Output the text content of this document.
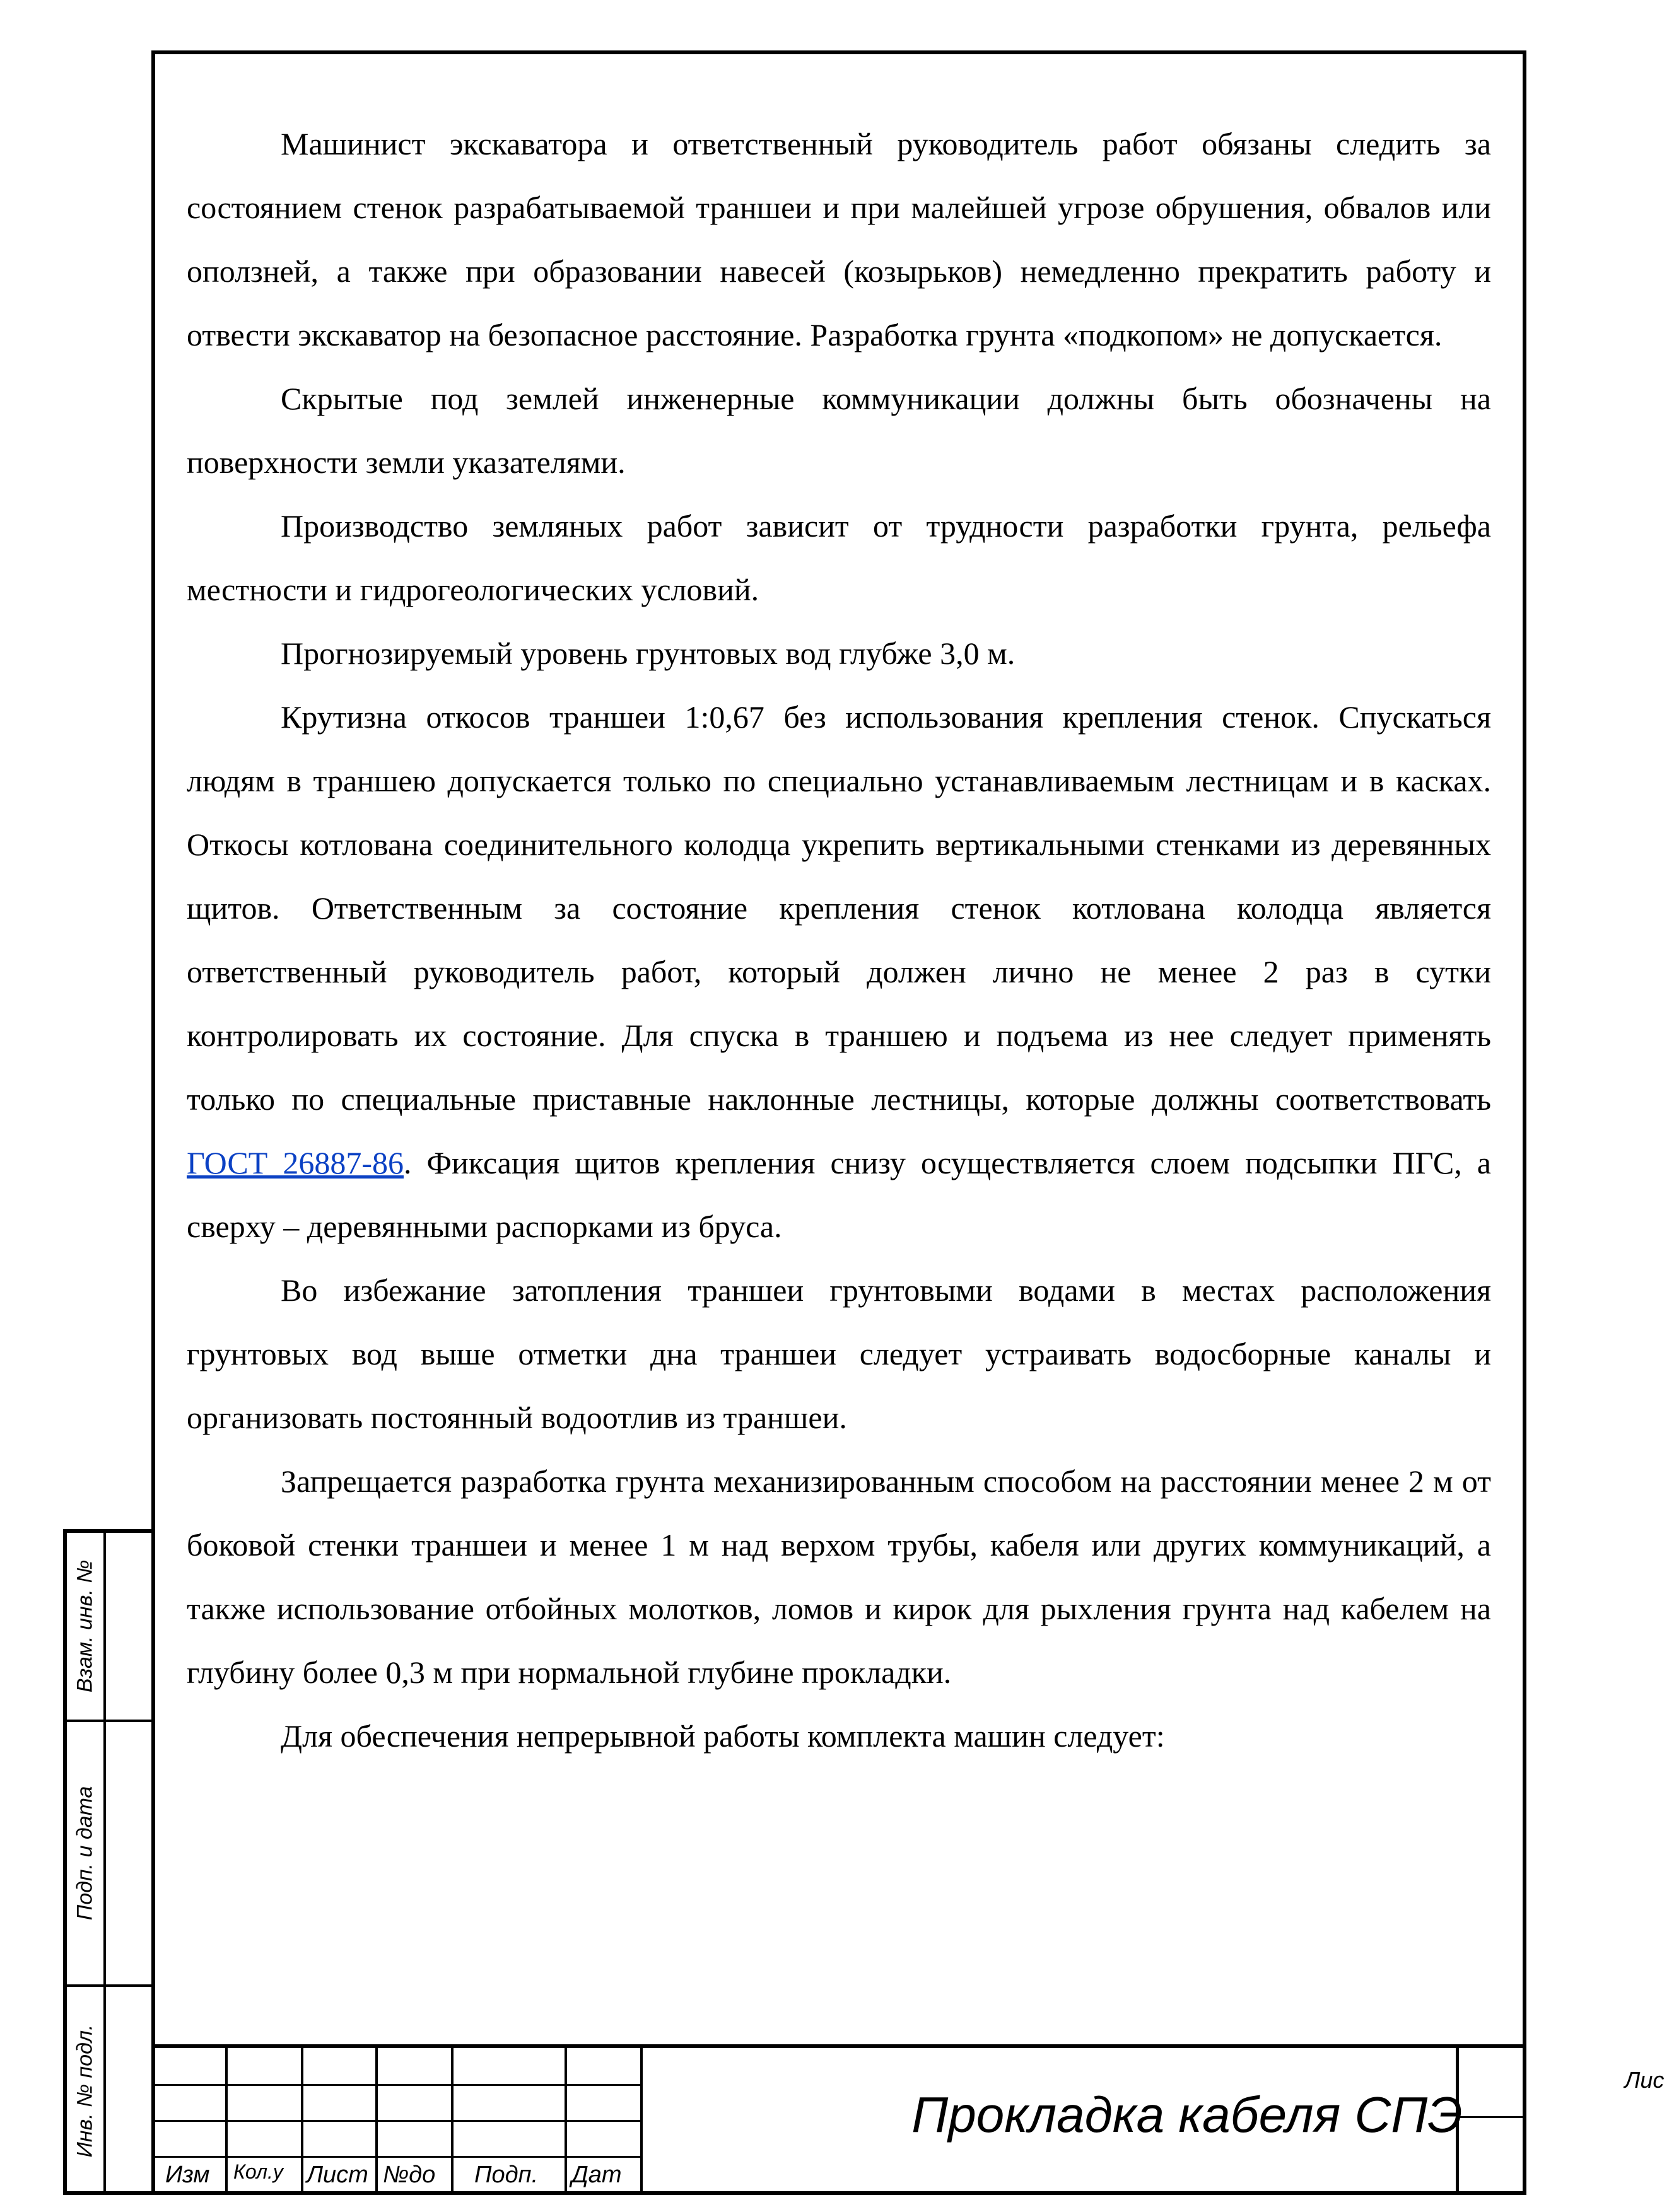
Машинист экскаватора и ответственный руководитель работ обязаны следить за состоянием стенок разрабатываемой траншеи и при малейшей угрозе обрушения, обвалов или оползней, а также при образовании навесей (козырьков) немедленно прекратить работу и отвести экскаватор на безопасное расстояние. Разработка грунта «подкопом» не допускается.

Скрытые под землей инженерные коммуникации должны быть обозначены на поверхности земли указателями.

Производство земляных работ зависит от трудности разработки грунта, рельефа местности и гидрогеологических условий.

Прогнозируемый уровень грунтовых вод глубже 3,0 м.

Крутизна откосов траншеи 1:0,67 без использования крепления стенок. Спускаться людям в траншею допускается только по специально устанавливаемым лестницам и в касках. Откосы котлована соединительного колодца укрепить вертикальными стенками из деревянных щитов. Ответственным за состояние крепления стенок котлована колодца является ответственный руководитель работ, который должен лично не менее 2 раз в сутки контролировать их состояние. Для спуска в траншею и подъема из нее следует применять только по специальные приставные наклонные лестницы, которые должны соответствовать ГОСТ 26887-86. Фиксация щитов крепления снизу осуществляется слоем подсыпки ПГС, а сверху – деревянными распорками из бруса.

Во избежание затопления траншеи грунтовыми водами в местах расположения грунтовых вод выше отметки дна траншеи следует устраивать водосборные каналы и организовать постоянный водоотлив из траншеи.

Запрещается разработка грунта механизированным способом на расстоянии менее 2 м от боковой стенки траншеи и менее 1 м над верхом трубы, кабеля или других коммуникаций, а также использование отбойных молотков, ломов и кирок для рыхления грунта над кабелем на глубину более 0,3 м при нормальной глубине прокладки.

Для обеспечения непрерывной работы комплекта машин следует:

Взам. инв. №
Подп. и дата
Инв. № подл.
Изм Кол.у Лист №до Подп. Дат
Прокладка кабеля СПЭ
Лис
